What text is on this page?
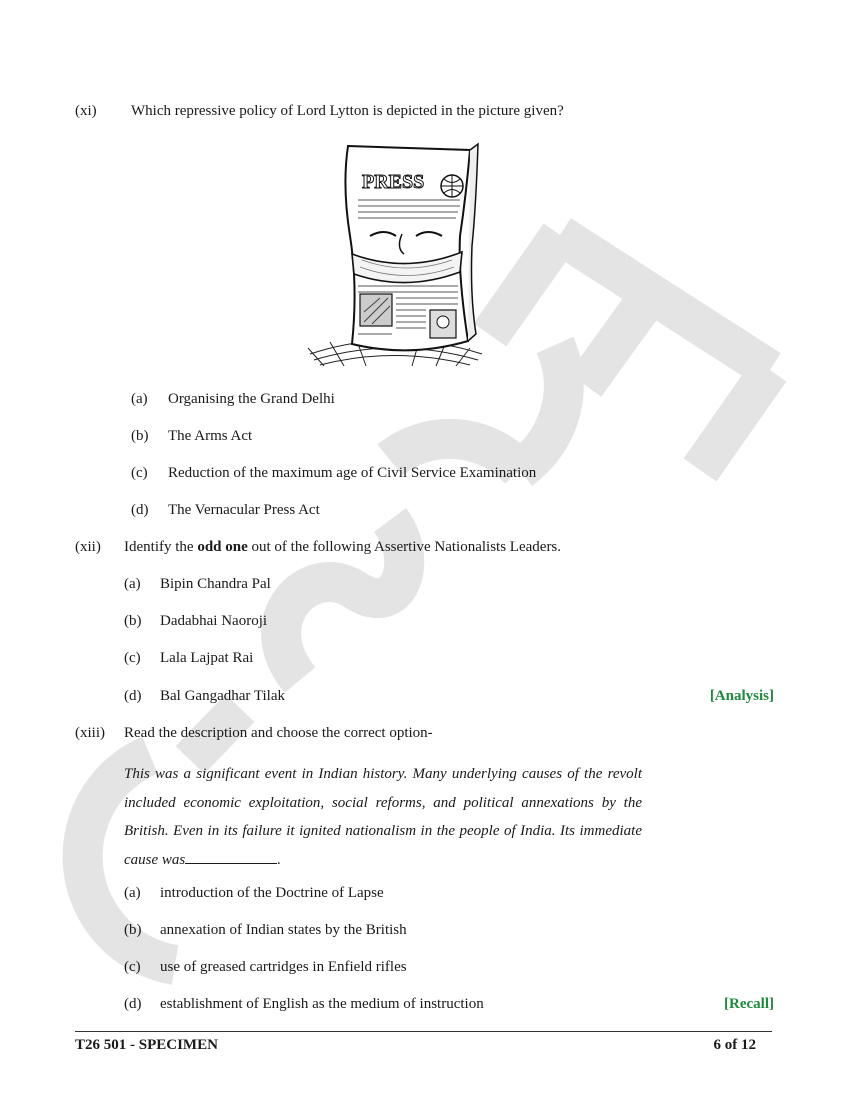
(xi) Which repressive policy of Lord Lytton is depicted in the picture given?
PRESS
(a) Organising the Grand Delhi
(b) The Arms Act
(c) Reduction of the maximum age of Civil Service Examination
(d) The Vernacular Press Act
(xii) Identify the odd one out of the following Assertive Nationalists Leaders.
(a) Bipin Chandra Pal
(b) Dadabhai Naoroji
(c) Lala Lajpat Rai
(d) Bal Gangadhar Tilak	[Analysis]
(xiii) Read the description and choose the correct option-
This was a significant event in Indian history. Many underlying causes of the revolt included economic exploitation, social reforms, and political annexations by the British. Even in its failure it ignited nationalism in the people of India. Its immediate cause was	.
(a) introduction of the Doctrine of Lapse
(b) annexation of Indian states by the British
(c) use of greased cartridges in Enfield rifles
(d) establishment of English as the medium of instruction	[Recall]
T26 501 - SPECIMEN	6 of 12
